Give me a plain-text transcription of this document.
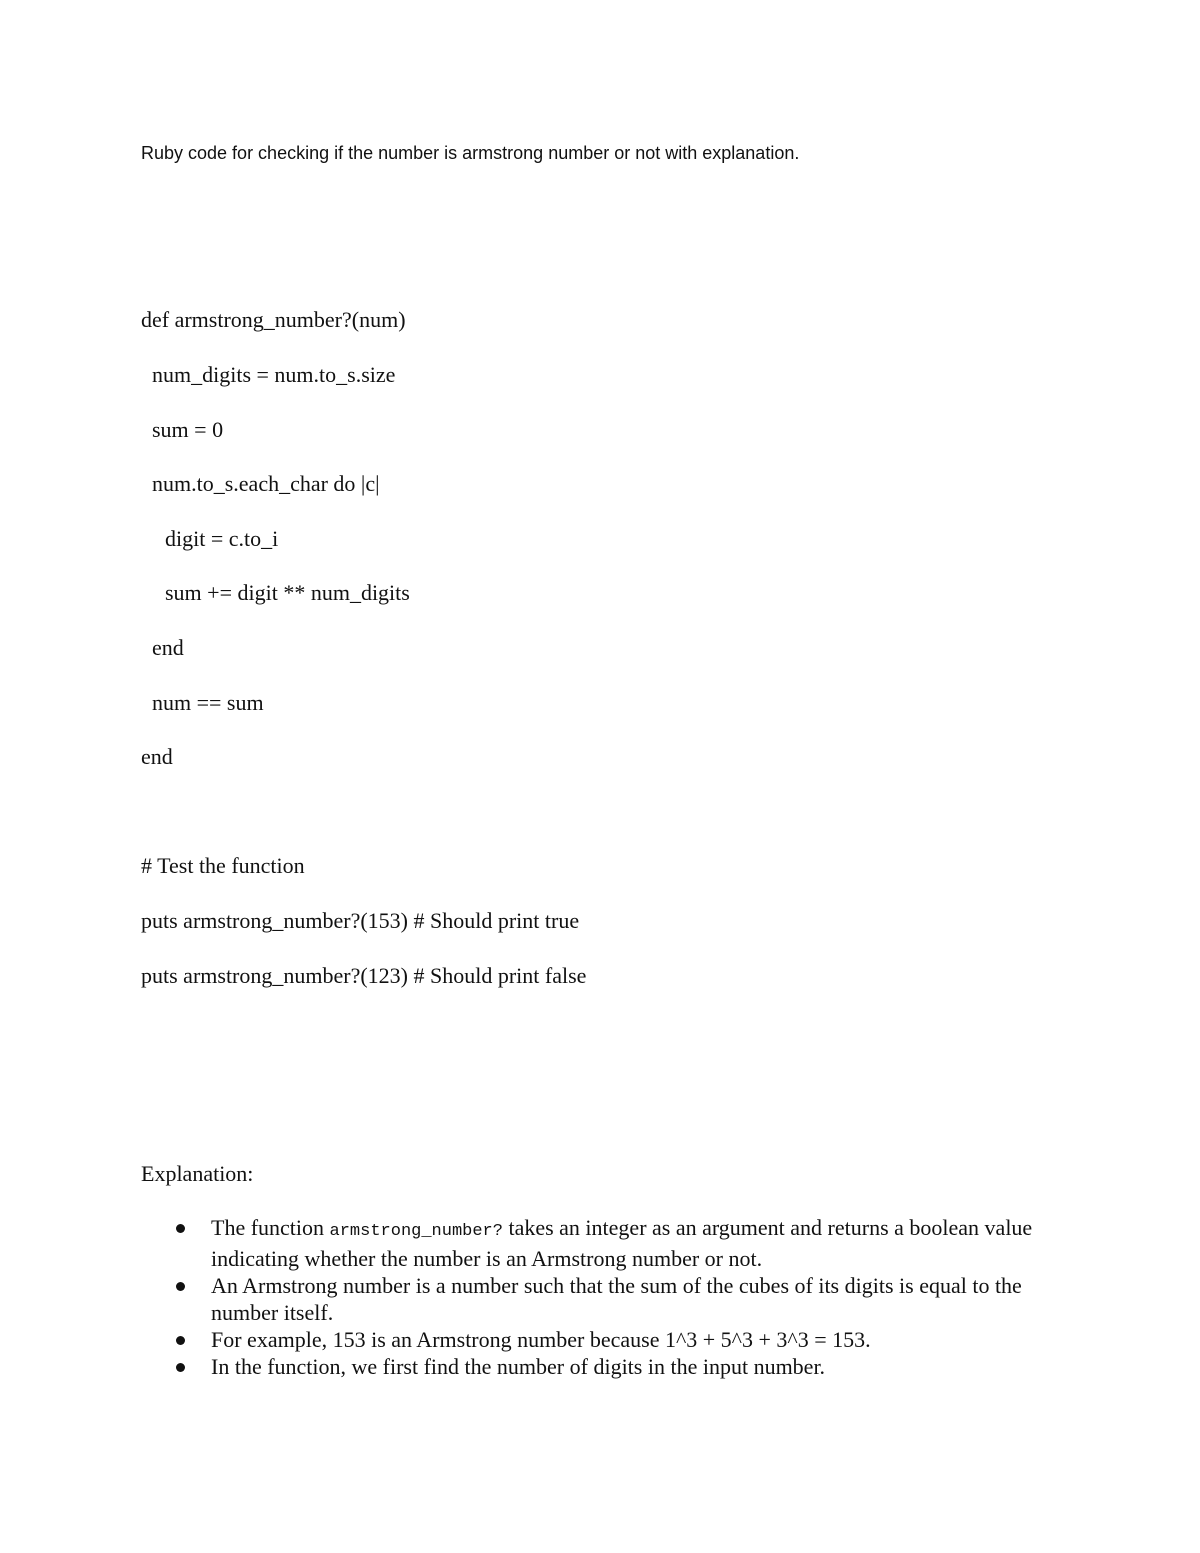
Ruby code for checking if the number is armstrong number or not with explanation.
def armstrong_number?(num)
num_digits = num.to_s.size
sum = 0
num.to_s.each_char do |c|
digit = c.to_i
sum += digit ** num_digits
end
num == sum
end
# Test the function
puts armstrong_number?(153) # Should print true
puts armstrong_number?(123) # Should print false
Explanation:
The function armstrong_number? takes an integer as an argument and returns a boolean value indicating whether the number is an Armstrong number or not.
An Armstrong number is a number such that the sum of the cubes of its digits is equal to the number itself.
For example, 153 is an Armstrong number because 1^3 + 5^3 + 3^3 = 153.
In the function, we first find the number of digits in the input number.
